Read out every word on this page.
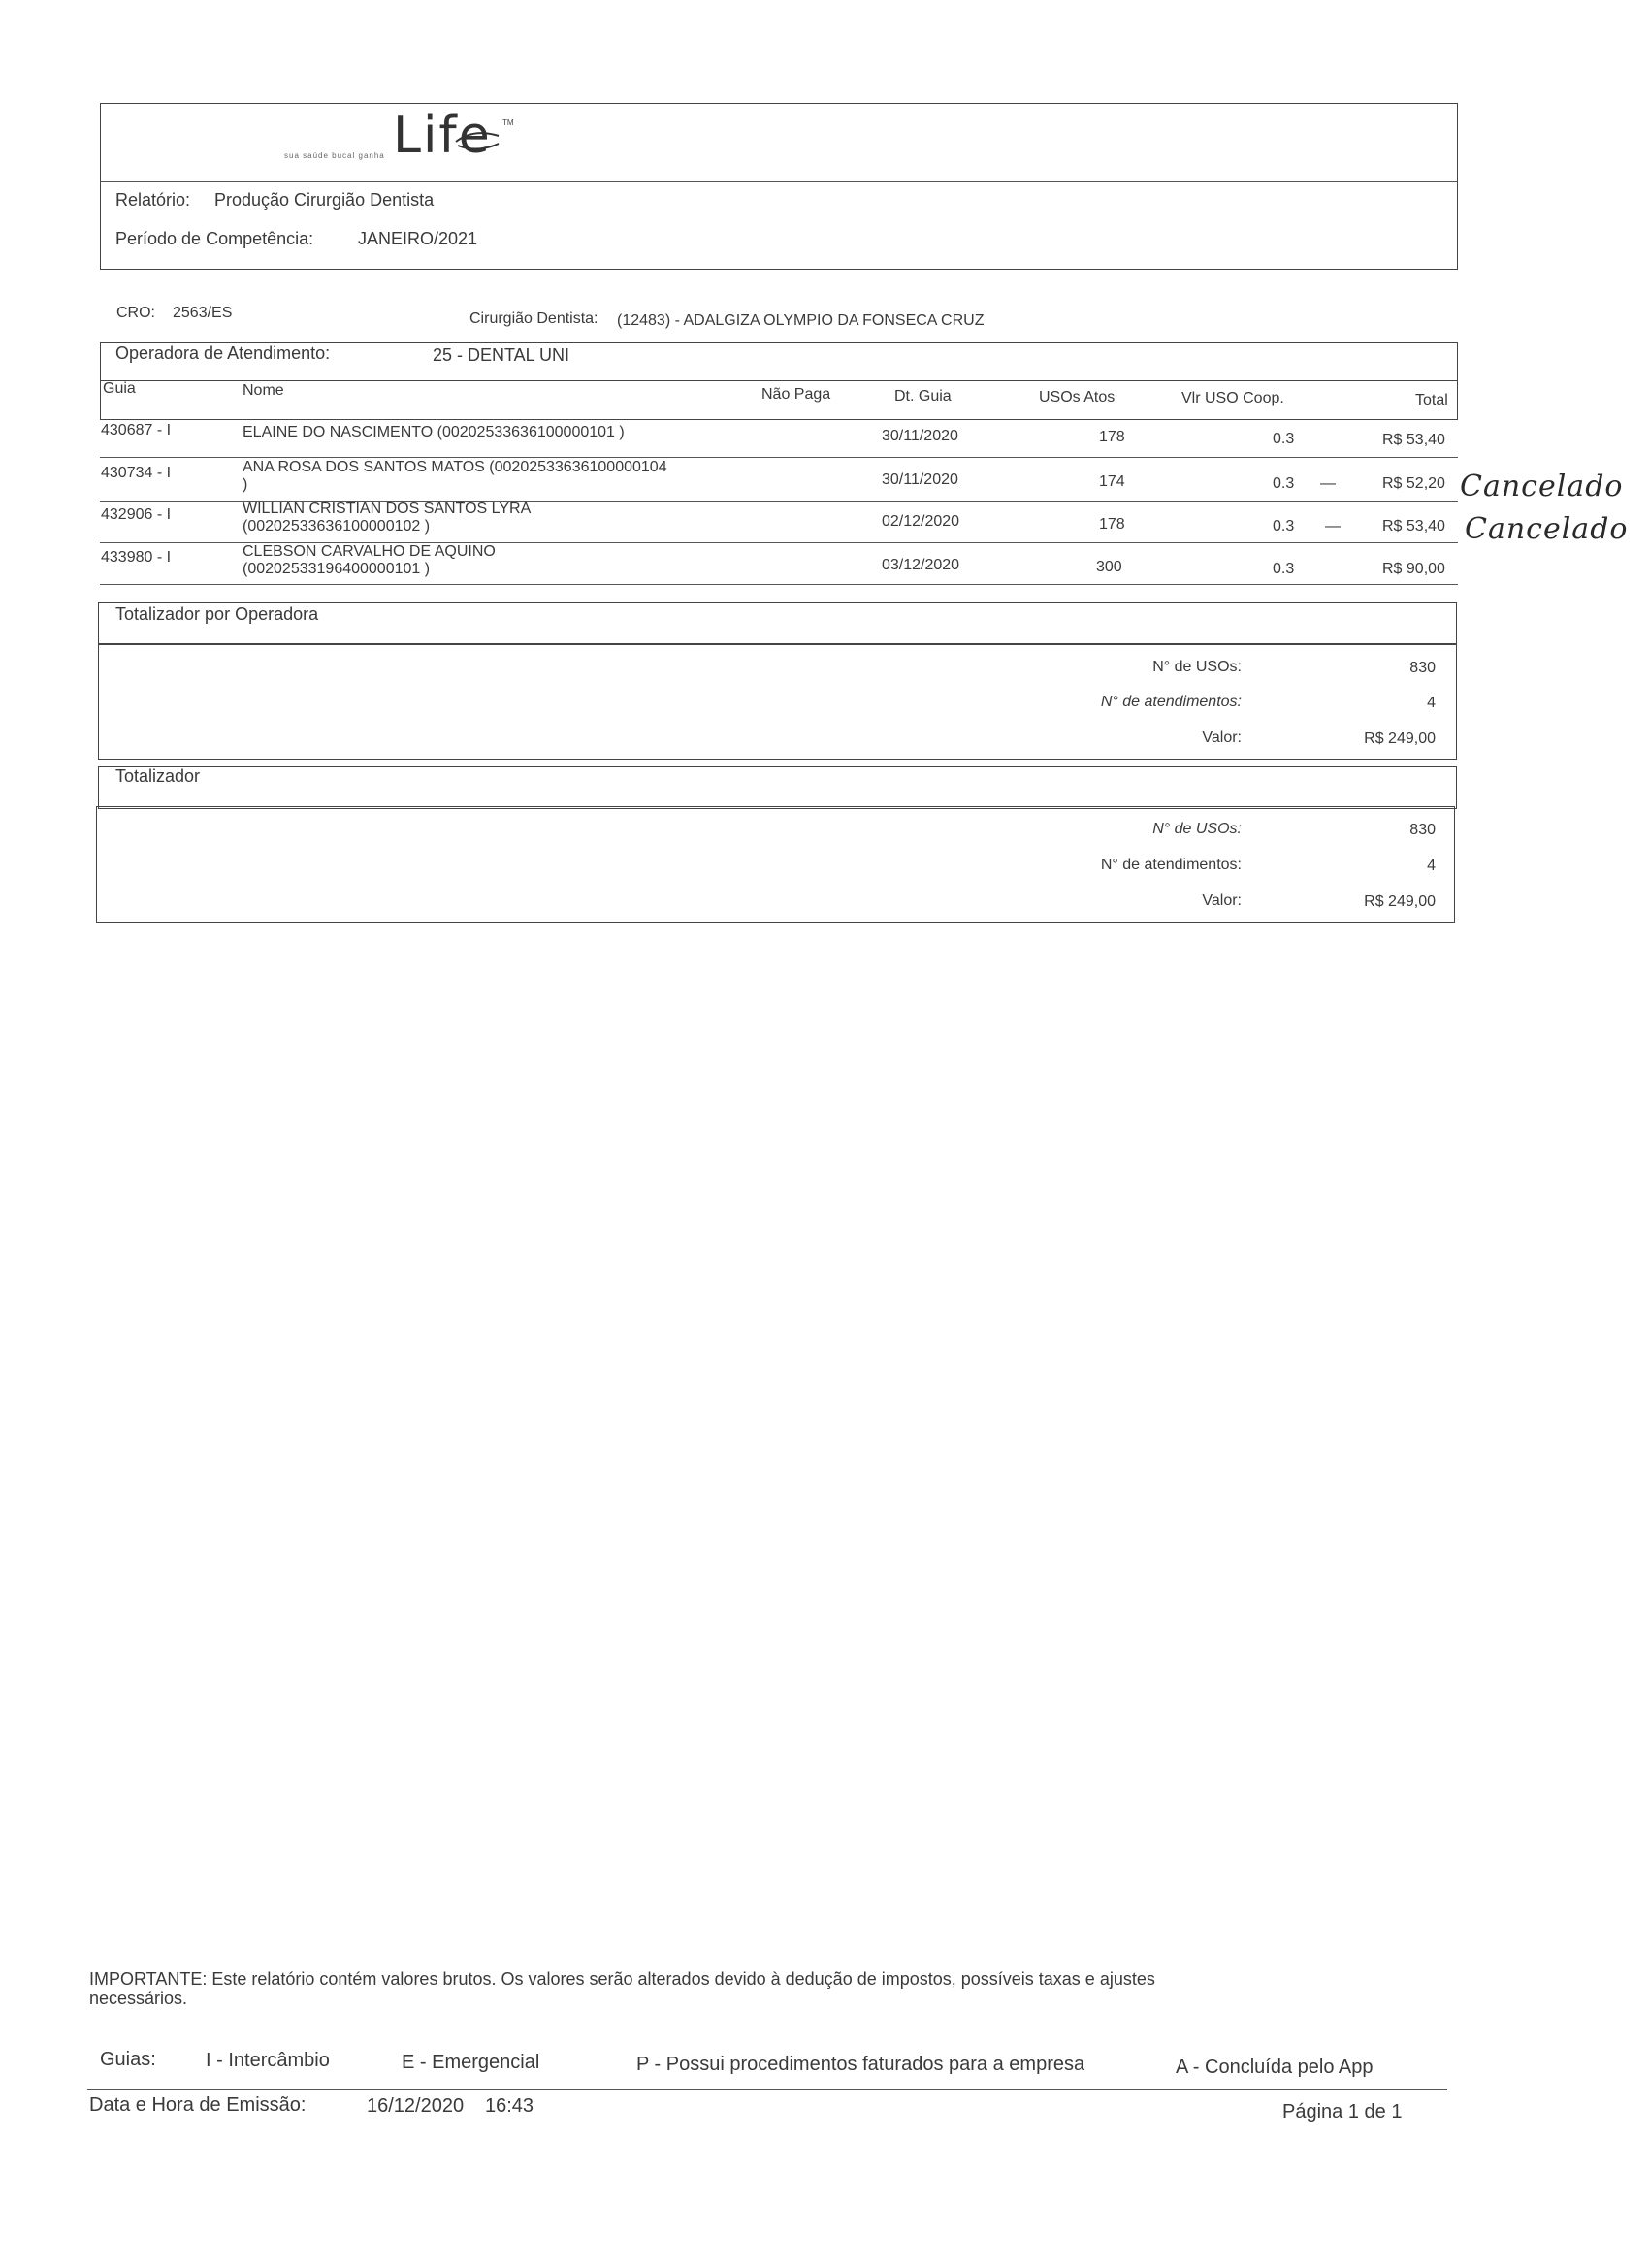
Life TM
sua saúde bucal ganha
Relatório: Produção Cirurgião Dentista
Período de Competência:	JANEIRO/2021
CRO: 2563/ES	Cirurgião Dentista: (12483) - ADALGIZA OLYMPIO DA FONSECA CRUZ
Operadora de Atendimento:	25 - DENTAL UNI
Guia	Nome	Não Paga	Dt. Guia	USOs Atos	Vlr USO Coop.	Total
430687 - I	ELAINE DO NASCIMENTO (00202533636100000101 )	30/11/2020	178	0.3	R$ 53,40
430734 - I	ANA ROSA DOS SANTOS MATOS (00202533636100000104
)	30/11/2020	174	0.3 —	R$ 52,20 Cancelado
432906 - I	WILLIAN CRISTIAN DOS SANTOS LYRA
(00202533636100000102 )	02/12/2020	178	0.3 —	R$ 53,40 Cancelado
433980 - I	CLEBSON CARVALHO DE AQUINO
(00202533196400000101 )	03/12/2020	300	0.3	R$ 90,00
Totalizador por Operadora
N° de USOs:	830
N° de atendimentos:	4
Valor:	R$ 249,00
Totalizador
N° de USOs:	830
N° de atendimentos:	4
Valor:	R$ 249,00
IMPORTANTE: Este relatório contém valores brutos. Os valores serão alterados devido à dedução de impostos, possíveis taxas e ajustes
necessários.
Guias:	I - Intercâmbio	E - Emergencial	P - Possui procedimentos faturados para a empresa	A - Concluída pelo App
Data e Hora de Emissão:	16/12/2020 16:43	Página 1 de 1
